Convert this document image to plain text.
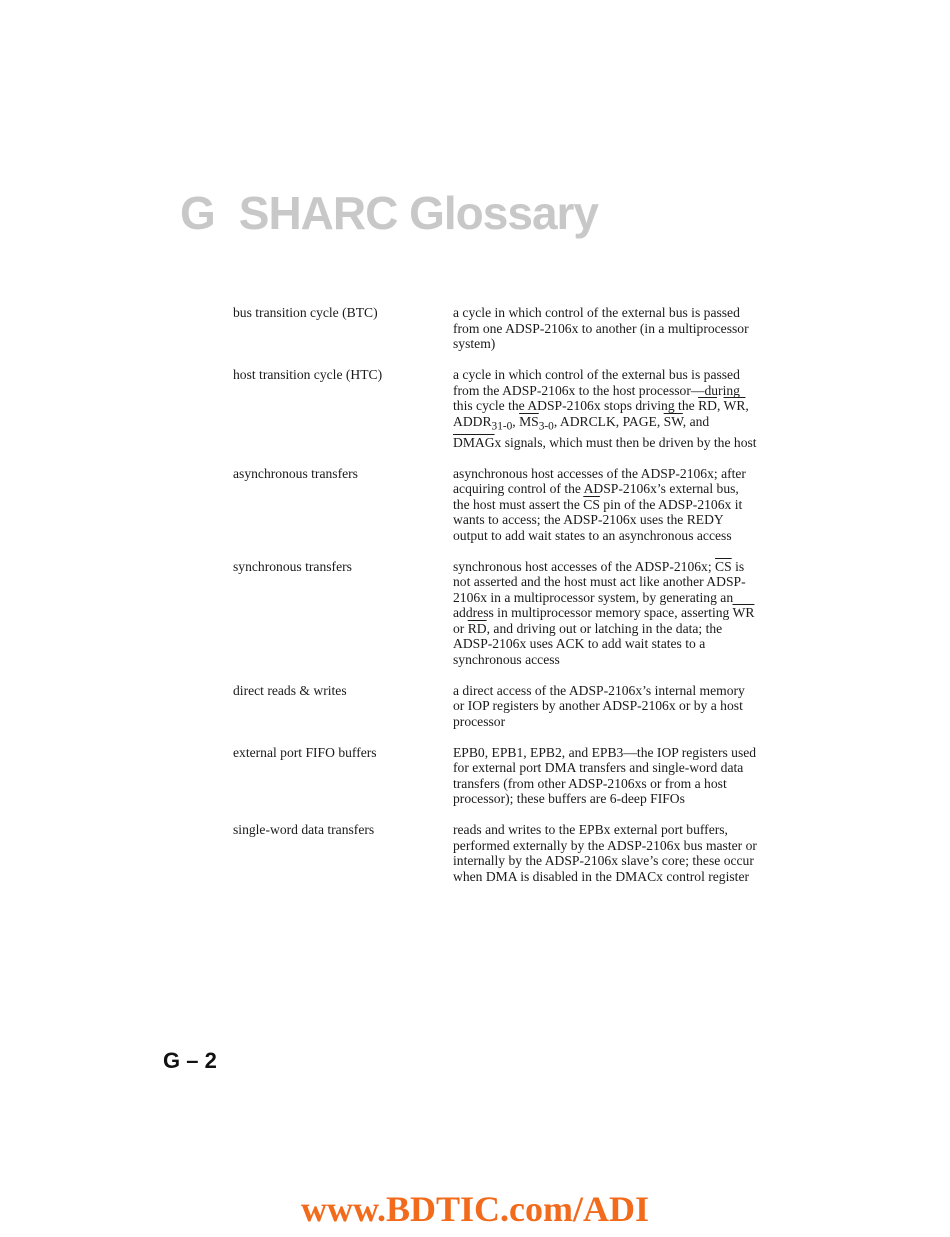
G SHARC Glossary
bus transition cycle (BTC)	a cycle in which control of the external bus is passed from one ADSP-2106x to another (in a multiprocessor system)
host transition cycle (HTC)	a cycle in which control of the external bus is passed from the ADSP-2106x to the host processor—during this cycle the ADSP-2106x stops driving the $\overline{RD}$, $\overline{WR}$, $ADDR_{31-0}$, $\overline{MS}_{3-0}$, ADRCLK, PAGE, $\overline{SW}$, and DMAGx signals, which must then be driven by the host
asynchronous transfers	asynchronous host accesses of the ADSP-2106x; after acquiring control of the ADSP-2106x’s external bus, the host must assert the $\overline{CS}$ pin of the ADSP-2106x it wants to access; the ADSP-2106x uses the REDY output to add wait states to an asynchronous access
synchronous transfers	synchronous host accesses of the ADSP-2106x; $\overline{CS}$ is not asserted and the host must act like another ADSP-2106x in a multiprocessor system, by generating an address in multiprocessor memory space, asserting $\overline{WR}$ or $\overline{RD}$, and driving out or latching in the data; the ADSP-2106x uses ACK to add wait states to a synchronous access
direct reads & writes	a direct access of the ADSP-2106x’s internal memory or IOP registers by another ADSP-2106x or by a host processor
external port FIFO buffers	EPB0, EPB1, EPB2, and EPB3—the IOP registers used for external port DMA transfers and single-word data transfers (from other ADSP-2106xs or from a host processor); these buffers are 6-deep FIFOs
single-word data transfers	reads and writes to the EPBx external port buffers, performed externally by the ADSP-2106x bus master or internally by the ADSP-2106x slave’s core; these occur when DMA is disabled in the DMACx control register
G – 2
www.BDTIC.com/ADI
